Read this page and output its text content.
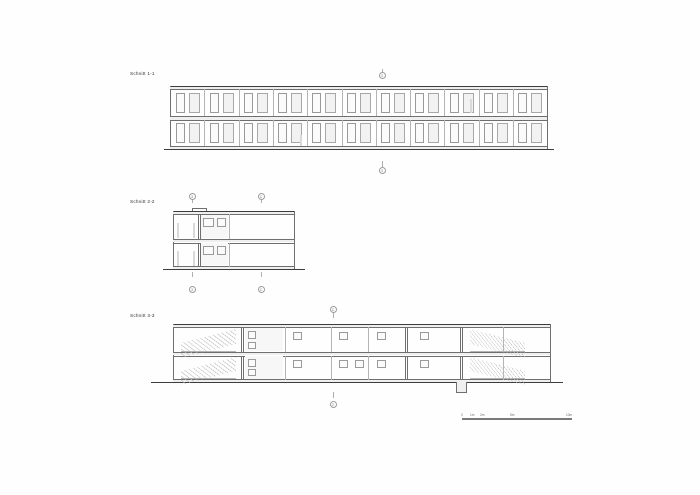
Schnitt 1-1	3
3
Schnitt 2-2
3	C
3	C
Schnitt 3-3
C
2
0 1m 2m	5m	10m
